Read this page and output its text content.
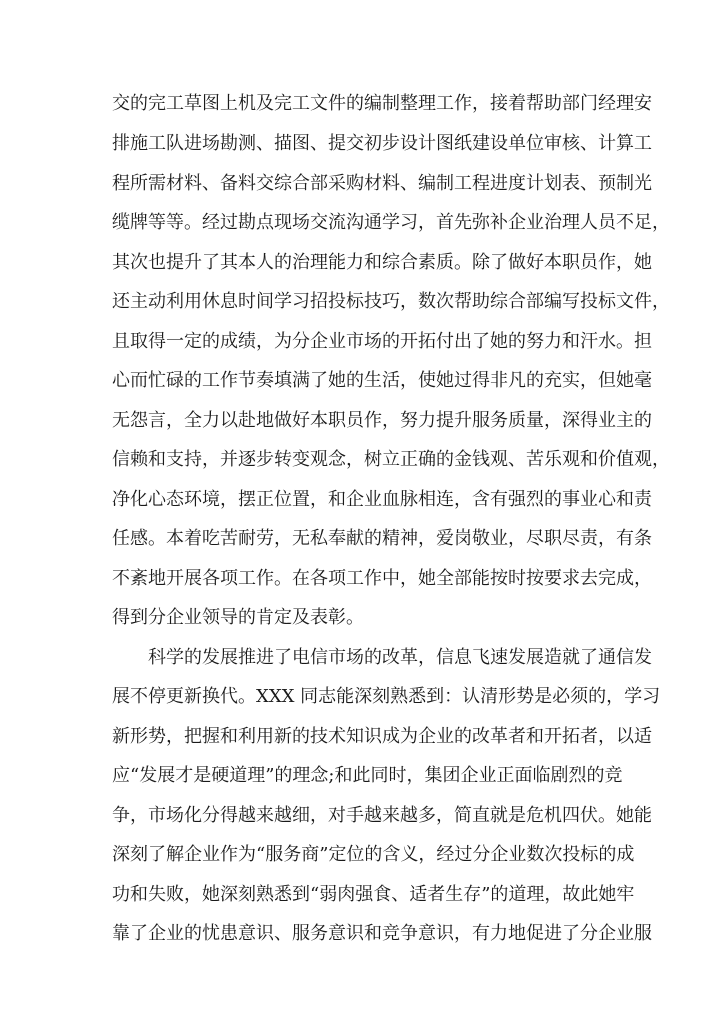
交的完工草图上机及完工文件的编制整理工作，接着帮助部门经理安
排施工队进场勘测、描图、提交初步设计图纸建设单位审核、计算工
程所需材料、备料交综合部采购材料、编制工程进度计划表、预制光
缆牌等等。经过勘点现场交流沟通学习，首先弥补企业治理人员不足，
其次也提升了其本人的治理能力和综合素质。除了做好本职员作，她
还主动利用休息时间学习招投标技巧，数次帮助综合部编写投标文件，
且取得一定的成绩，为分企业市场的开拓付出了她的努力和汗水。担
心而忙碌的工作节奏填满了她的生活，使她过得非凡的充实，但她毫
无怨言，全力以赴地做好本职员作，努力提升服务质量，深得业主的
信赖和支持，并逐步转变观念，树立正确的金钱观、苦乐观和价值观，
净化心态环境，摆正位置，和企业血脉相连，含有强烈的事业心和责
任感。本着吃苦耐劳，无私奉献的精神，爱岗敬业，尽职尽责，有条
不紊地开展各项工作。在各项工作中，她全部能按时按要求去完成，
得到分企业领导的肯定及表彰。
科学的发展推进了电信市场的改革，信息飞速发展造就了通信发
展不停更新换代。XXX 同志能深刻熟悉到：认清形势是必须的，学习
新形势，把握和利用新的技术知识成为企业的改革者和开拓者，以适
应“发展才是硬道理”的理念;和此同时，集团企业正面临剧烈的竞
争，市场化分得越来越细，对手越来越多，简直就是危机四伏。她能
深刻了解企业作为“服务商”定位的含义，经过分企业数次投标的成
功和失败，她深刻熟悉到“弱肉强食、适者生存”的道理，故此她牢
靠了企业的忧患意识、服务意识和竞争意识，有力地促进了分企业服
